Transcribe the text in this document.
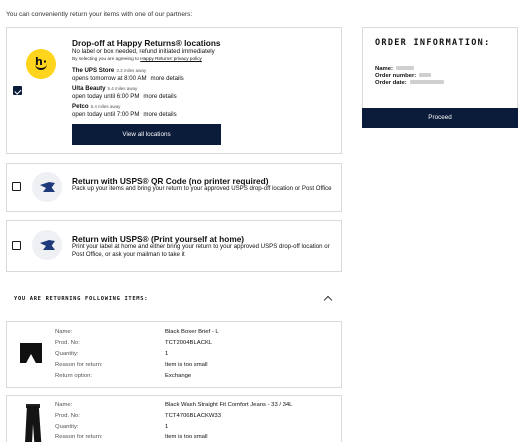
You can conveniently return your items with one of our partners:
h·
Drop-off at Happy Returns® locations
No label or box needed, refund initiated immediately
By selecting you are agreeing to Happy Returns' privacy policy
The UPS Store 3.3 miles away
opens tomorrow at 8:00 AM more details
Ulta Beauty 5.4 miles away
open today until 6:00 PM more details
Petco 5.4 miles away
open today until 7:00 PM more details
View all locations
Return with USPS® QR Code (no printer required)
Pack up your items and bring your return to your approved USPS drop-off location or Post Office
Return with USPS® (Print yourself at home)
Print your label at home and either bring your return to your approved USPS drop-off location or Post Office, or ask your mailman to take it
ORDER INFORMATION:
Name:
Order number:
Order date:
Proceed
YOU ARE RETURNING FOLLOWING ITEMS:
Name:	Black Boxer Brief - L
Prod. No:	TCT2004BLACKL
Quantity:	1
Reason for return:	Item is too small
Return option:	Exchange
Name:	Black Wash Straight Fit Comfort Jeans - 33 / 34L
Prod. No:	TCT4706BLACKW33
Quantity:	1
Reason for return:	Item is too small
